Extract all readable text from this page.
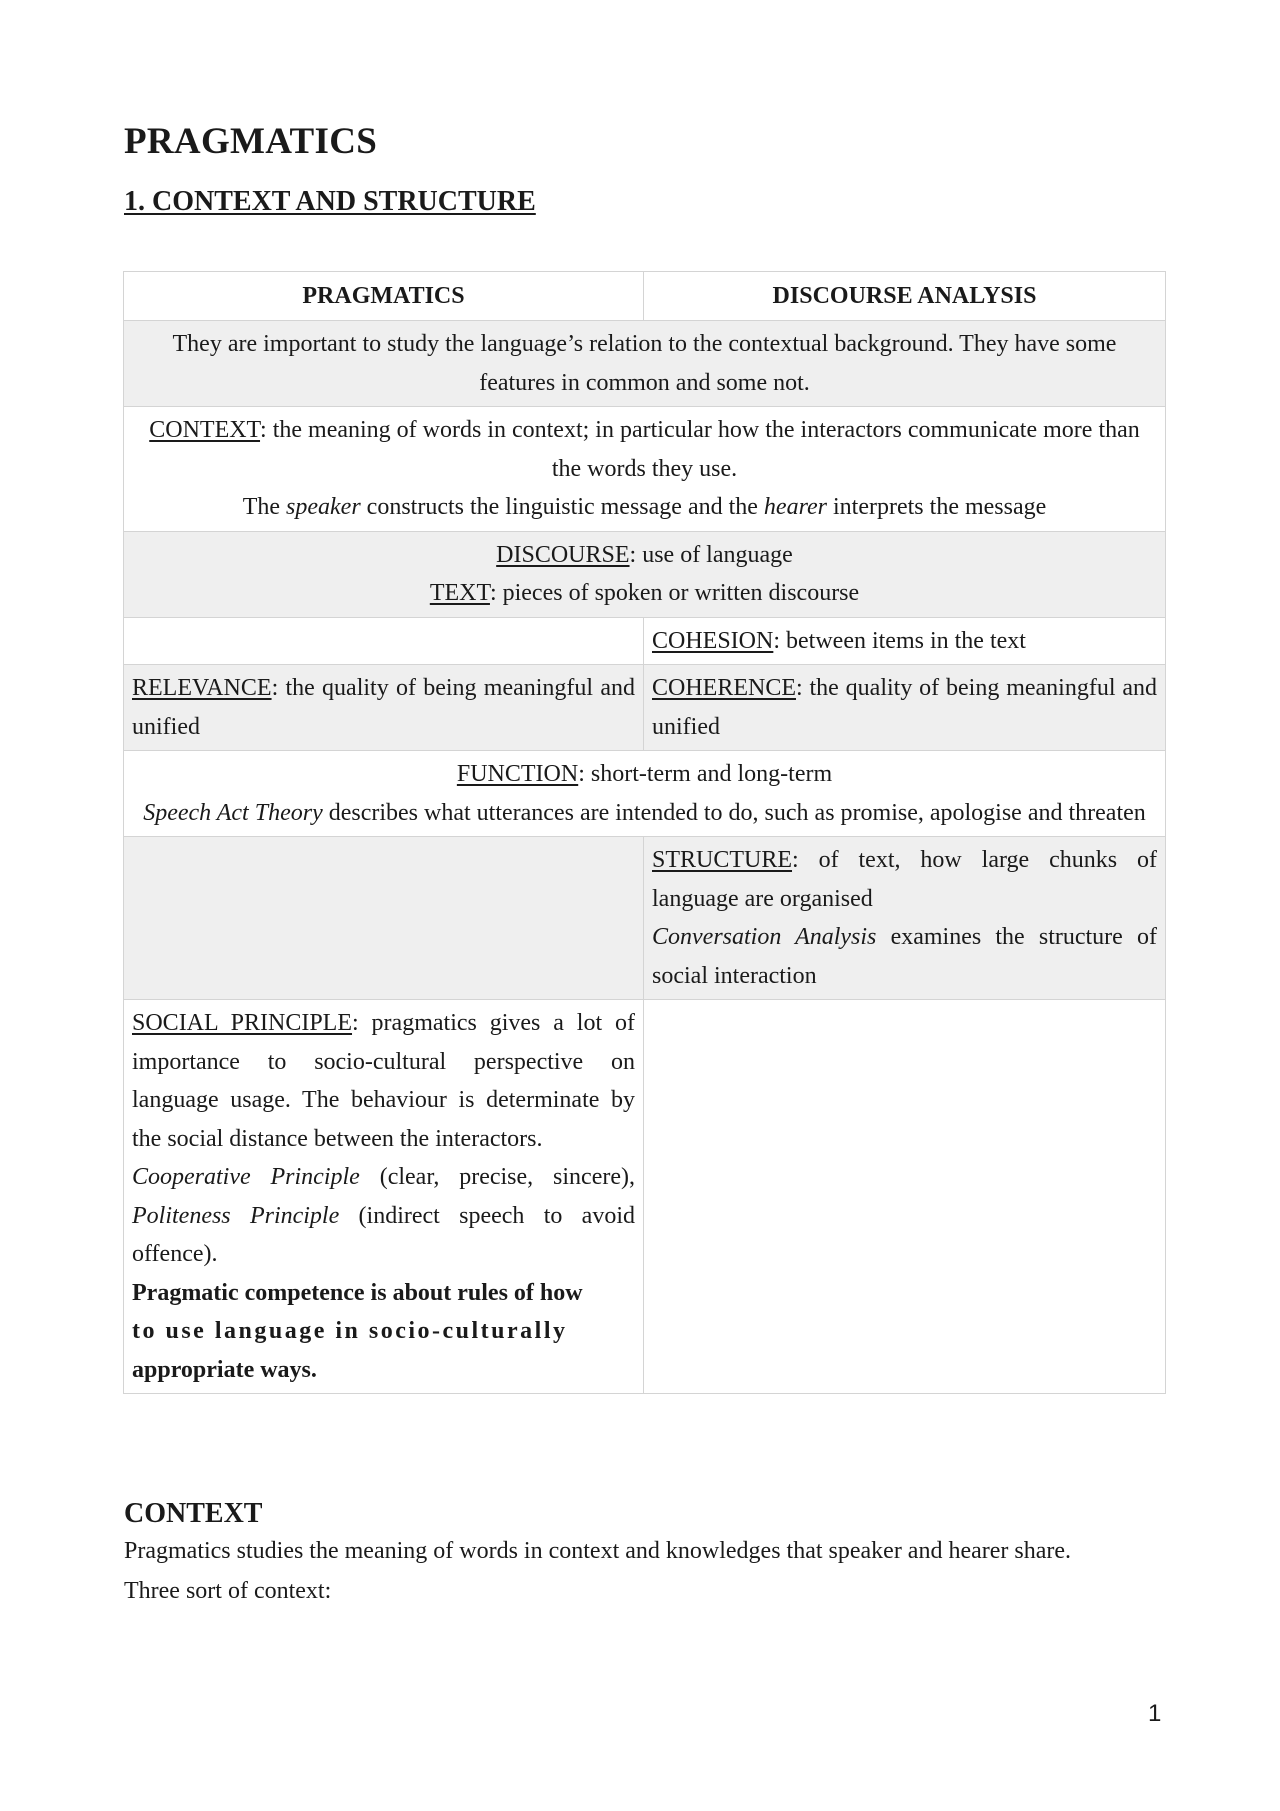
PRAGMATICS
1. CONTEXT AND STRUCTURE
PRAGMATICS	DISCOURSE ANALYSIS
They are important to study the language’s relation to the contextual background. They have some features in common and some not.	
CONTEXT: the meaning of words in context; in particular how the interactors communicate more than the words they use.
The speaker constructs the linguistic message and the hearer interprets the message	
DISCOURSE: use of language
TEXT: pieces of spoken or written discourse	
	COHESION: between items in the text
RELEVANCE: the quality of being meaningful and unified	COHERENCE: the quality of being meaningful and unified
FUNCTION: short-term and long-term
Speech Act Theory describes what utterances are intended to do, such as promise, apologise and threaten	
	STRUCTURE: of text, how large chunks of language are organised
Conversation Analysis examines the structure of social interaction
SOCIAL PRINCIPLE: pragmatics gives a lot of importance to socio-cultural perspective on language usage. The behaviour is determinate by the social distance between the interactors.
Cooperative Principle (clear, precise, sincere), Politeness Principle (indirect speech to avoid offence).
Pragmatic competence is about rules of how
to use language in socio-culturally
appropriate ways.	
CONTEXT

Pragmatics studies the meaning of words in context and knowledges that speaker and hearer share.

Three sort of context:

1
